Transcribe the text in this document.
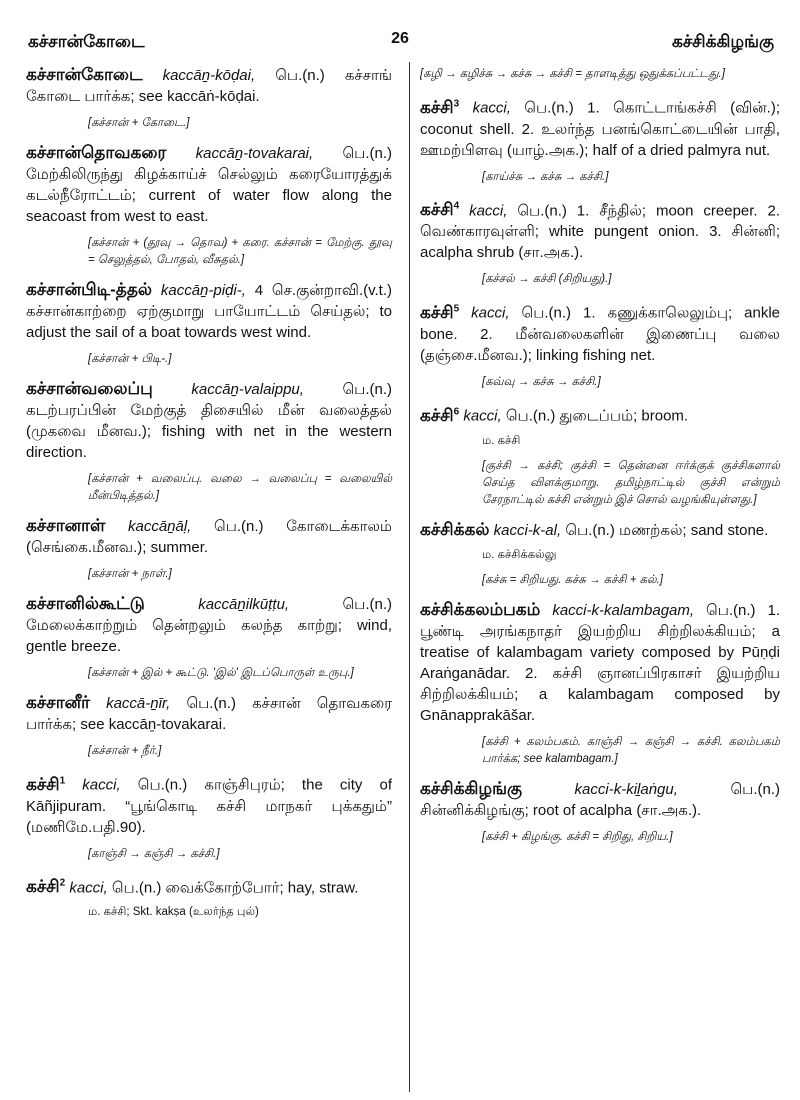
கச்சான்கோடை	26	கச்சிக்கிழங்கு

கச்சான்கோடை kaccāṉ-kōḍai, பெ.(n.) கச்சாங் கோடை பார்க்க; see kaccāṅ-kōḍai.

[கச்சான் + கோடை.]

கச்சான்தொவகரை kaccāṉ-tovakarai, பெ.(n.) மேற்கிலிருந்து கிழக்காய்ச் செல்லும் கரையோரத்துக் கடல்நீரோட்டம்; current of water flow along the seacoast from west to east.

[கச்சான் + (தூவு → தொவ) + கரை. கச்சான் = மேற்கு. தூவு = செலுத்தல், போதல், வீசுதல்.]

கச்சான்பிடி-த்தல் kaccāṉ-piḍi-, 4 செ.குன்றாவி.(v.t.) கச்சான்காற்றை ஏற்குமாறு பாயோட்டம் செய்தல்; to adjust the sail of a boat towards west wind.

[கச்சான் + பிடி-.]

கச்சான்வலைப்பு	kaccāṉ-valaippu,	பெ.(n.) கடற்பரப்பின் மேற்குத் திசையில் மீன் வலைத்தல் (முகவை மீனவ.); fishing with net in the western direction.

[கச்சான் + வலைப்பு. வலை → வலைப்பு = வலையில் மீன்பிடித்தல்.]

கச்சானாள் kaccāṉāḷ, பெ.(n.) கோடைக்காலம் (செங்கை.மீனவ.); summer.

[கச்சான் + நாள்.]

கச்சானில்கூட்டு	kaccāṉilkūṭṭu,	பெ.(n.) மேலைக்காற்றும் தென்றலும் கலந்த காற்று; wind, gentle breeze.

[கச்சான் + இல் + கூட்டு. 'இல்' இடப்பொருள் உருபு.]

கச்சானீர் kaccā-ṉīr, பெ.(n.) கச்சான் தொவகரை பார்க்க; see kaccāṉ-tovakarai.

[கச்சான் + நீர்.]

கச்சி$^1$ kacci, பெ.(n.) காஞ்சிபுரம்; the city of Kāñjipuram. “பூங்கொடி கச்சி மாநகர் புக்கதும்” (மணிமே.பதி.90).

[காஞ்சி → கஞ்சி → கச்சி.]

கச்சி$^2$ kacci, பெ.(n.) வைக்கோற்போர்; hay, straw.

ம. கச்சி; Skt. kakṣa (உலர்ந்த புல்)
[கழி → கழிச்சு → கச்சு → கச்சி = தாளடித்து ஒதுக்கப்பட்டது.]

கச்சி$^3$ kacci, பெ.(n.) 1. கொட்டாங்கச்சி (வின்.); coconut shell. 2. உலர்ந்த பனங்கொட்டையின் பாதி, ஊமற்பிளவு (யாழ்.அக.); half of a dried palmyra nut.

[காய்ச்சு → கச்சு → கச்சி.]

கச்சி$^4$ kacci, பெ.(n.) 1. சீந்தில்; moon creeper. 2. வெண்காரவுள்ளி; white pungent onion. 3. சின்னி; acalpha shrub (சா.அக.).

[கச்சல் → கச்சி (சிறியது).]

கச்சி$^5$ kacci, பெ.(n.) 1. கணுக்காலெலும்பு; ankle bone. 2. மீன்வலைகளின் இணைப்பு வலை (தஞ்சை.மீனவ.); linking fishing net.

[கவ்வு → கச்சு → கச்சி.]

கச்சி$^6$ kacci, பெ.(n.) துடைப்பம்; broom.

ம. கச்சி
[குச்சி → கச்சி; குச்சி = தென்னை ஈர்க்குக் குச்சிகளால் செய்த விளக்குமாறு. தமிழ்நாட்டில் குச்சி என்றும் சேரநாட்டில் கச்சி என்றும் இச் சொல் வழங்கியுள்ளது.]

கச்சிக்கல் kacci-k-al, பெ.(n.) மணற்கல்; sand stone.

ம. கச்சிக்கல்லு
[கச்சு = சிறியது. கச்சு → கச்சி + கல்.]

கச்சிக்கலம்பகம் kacci-k-kalambagam, பெ.(n.) 1. பூண்டி அரங்கநாதர் இயற்றிய சிற்றிலக்கியம்; a treatise of kalambagam variety composed by Pūṇḍi Araṅganādar. 2. கச்சி ஞானப்பிரகாசர் இயற்றிய சிற்றிலக்கியம்; a kalambagam composed by Gnānapprakāšar.

[கச்சி + கலம்பகம். காஞ்சி → கஞ்சி → கச்சி. கலம்பகம் பார்க்க; see kalambagam.]

கச்சிக்கிழங்கு	kacci-k-kiḻaṅgu,	பெ.(n.) சின்னிக்கிழங்கு; root of acalpha (சா.அக.).

[கச்சி + கிழங்கு. கச்சி = சிறிது, சிறிய.]
